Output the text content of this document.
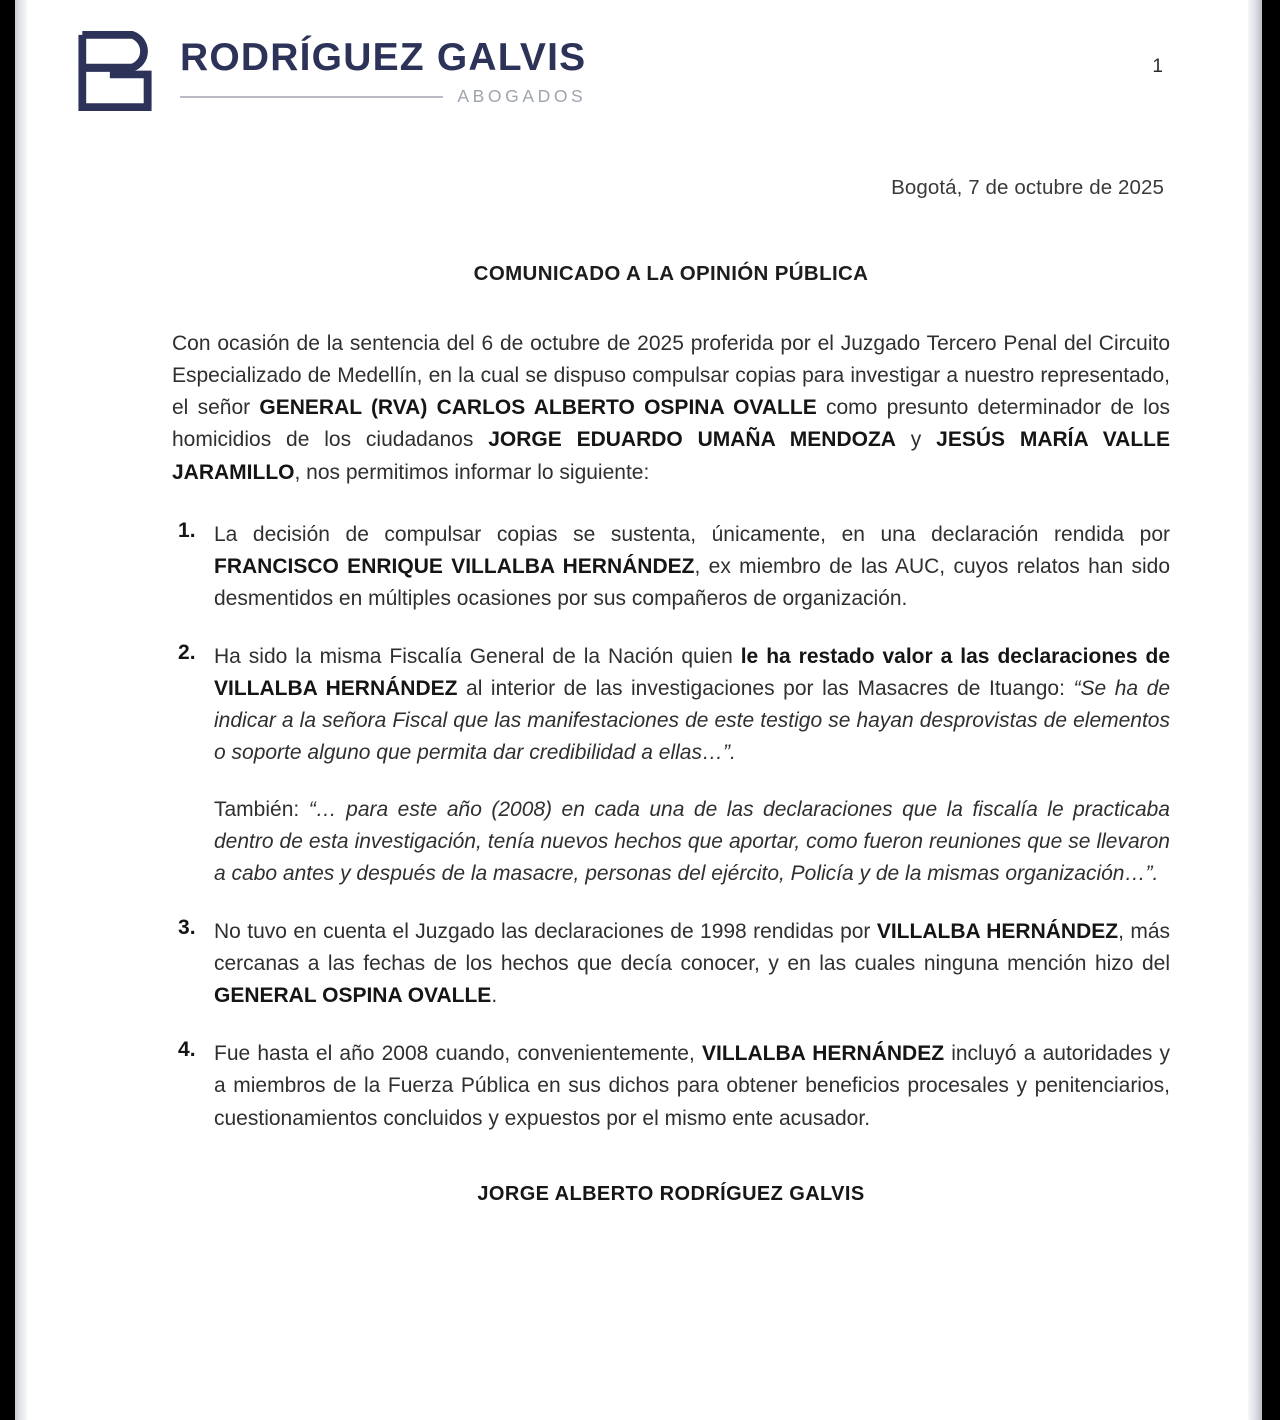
RODRÍGUEZ GALVIS
ABOGADOS
1
Bogotá, 7 de octubre de 2025
COMUNICADO A LA OPINIÓN PÚBLICA

Con ocasión de la sentencia del 6 de octubre de 2025 proferida por el Juzgado Tercero Penal del Circuito Especializado de Medellín, en la cual se dispuso compulsar copias para investigar a nuestro representado, el señor GENERAL (RVA) CARLOS ALBERTO OSPINA OVALLE como presunto determinador de los homicidios de los ciudadanos JORGE EDUARDO UMAÑA MENDOZA y JESÚS MARÍA VALLE JARAMILLO, nos permitimos informar lo siguiente:

La decisión de compulsar copias se sustenta, únicamente, en una declaración rendida por FRANCISCO ENRIQUE VILLALBA HERNÁNDEZ, ex miembro de las AUC, cuyos relatos han sido desmentidos en múltiples ocasiones por sus compañeros de organización.
Ha sido la misma Fiscalía General de la Nación quien le ha restado valor a las declaraciones de VILLALBA HERNÁNDEZ al interior de las investigaciones por las Masacres de Ituango: “Se ha de indicar a la señora Fiscal que las manifestaciones de este testigo se hayan desprovistas de elementos o soporte alguno que permita dar credibilidad a ellas…”.
También: “… para este año (2008) en cada una de las declaraciones que la fiscalía le practicaba dentro de esta investigación, tenía nuevos hechos que aportar, como fueron reuniones que se llevaron a cabo antes y después de la masacre, personas del ejército, Policía y de la mismas organización…”.
No tuvo en cuenta el Juzgado las declaraciones de 1998 rendidas por VILLALBA HERNÁNDEZ, más cercanas a las fechas de los hechos que decía conocer, y en las cuales ninguna mención hizo del GENERAL OSPINA OVALLE.
Fue hasta el año 2008 cuando, convenientemente, VILLALBA HERNÁNDEZ incluyó a autoridades y a miembros de la Fuerza Pública en sus dichos para obtener beneficios procesales y penitenciarios, cuestionamientos concluidos y expuestos por el mismo ente acusador.
JORGE ALBERTO RODRÍGUEZ GALVIS
